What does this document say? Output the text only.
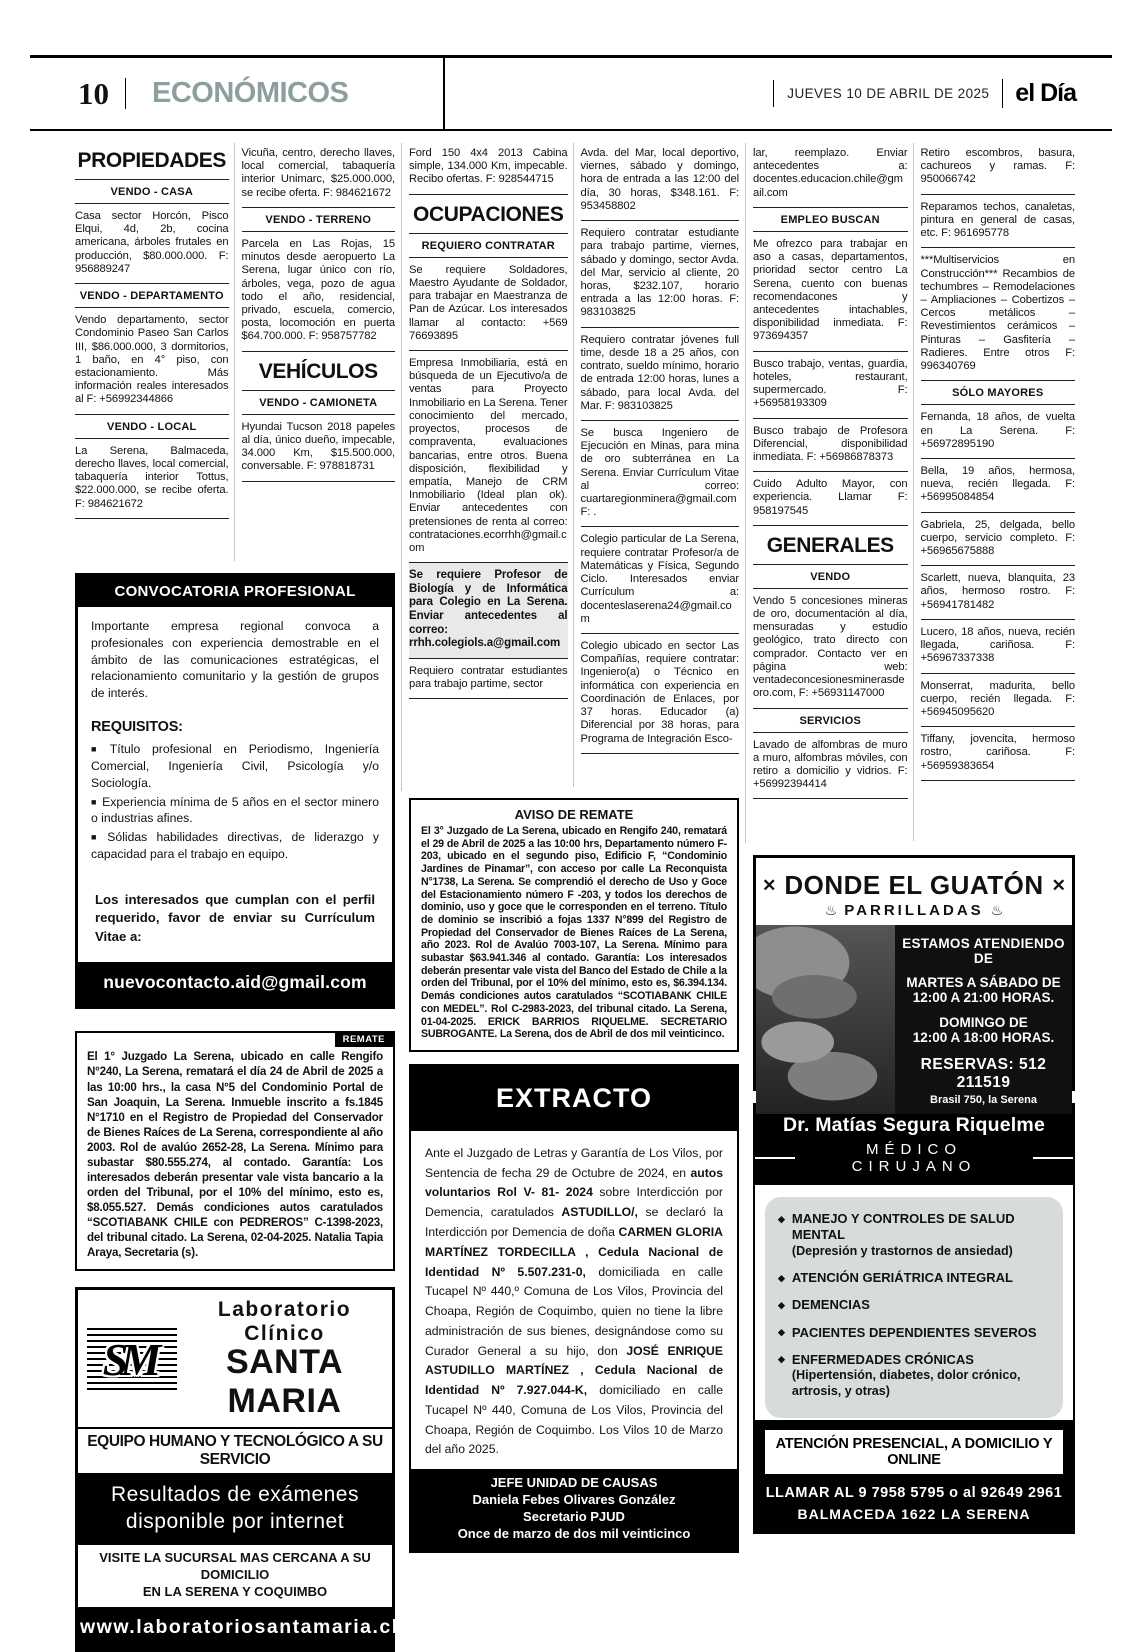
10	ECONÓMICOS	JUEVES 10 DE ABRIL DE 2025	el Día
PROPIEDADES
VENDO - CASA
Casa sector Horcón, Pisco Elqui, 4d, 2b, cocina americana, árboles frutales en producción, $80.000.000. F: 956889247
VENDO - DEPARTAMENTO
Vendo departamento, sector Condominio Paseo San Carlos III, $86.000.000, 3 dormitorios, 1 baño, en 4° piso, con estacionamiento. Más información reales interesados al F: +56992344866
VENDO - LOCAL
La Serena, Balmaceda, derecho llaves, local comercial, tabaquería interior Tottus, $22.000.000, se recibe oferta. F: 984621672
Vicuña, centro, derecho llaves, local comercial, tabaquería interior Unimarc, $25.000.000, se recibe oferta. F: 984621672
VENDO - TERRENO
Parcela en Las Rojas, 15 minutos desde aeropuerto La Serena, lugar único con río, árboles, vega, pozo de agua todo el año, residencial, privado, escuela, comercio, posta, locomoción en puerta $64.700.000. F: 958757782
VEHÍCULOS
VENDO - CAMIONETA
Hyundai Tucson 2018 papeles al día, único dueño, impecable, 34.000 Km, $15.500.000, conversable. F: 978818731
CONVOCATORIA PROFESIONAL
Importante empresa regional convoca a profesionales con experiencia demostrable en el ámbito de las comunicaciones estratégicas, el relacionamiento comunitario y la gestión de grupos de interés.
REQUISITOS:
■ Título profesional en Periodismo, Ingeniería Comercial, Ingeniería Civil, Psicología y/o Sociología.
■ Experiencia mínima de 5 años en el sector minero o industrias afines.
■ Sólidas habilidades directivas, de liderazgo y capacidad para el trabajo en equipo.
Los interesados que cumplan con el perfil requerido, favor de enviar su Currículum Vitae a:
nuevocontacto.aid@gmail.com
REMATE
El 1° Juzgado La Serena, ubicado en calle Rengifo N°240, La Serena, rematará el día 24 de Abril de 2025 a las 10:00 hrs., la casa N°5 del Condominio Portal de San Joaquin, La Serena. Inmueble inscrito a fs.1845 N°1710 en el Registro de Propiedad del Conservador de Bienes Raíces de La Serena, correspondiente al año 2003. Rol de avalúo 2652-28, La Serena. Mínimo para subastar $80.555.274, al contado. Garantía: Los interesados deberán presentar vale vista bancario a la orden del Tribunal, por el 10% del mínimo, esto es, $8.055.527. Demás condiciones autos caratulados “SCOTIABANK CHILE con PEDREROS” C-1398-2023, del tribunal citado. La Serena, 02-04-2025. Natalia Tapia Araya, Secretaria (s).
SM
Laboratorio Clínico
SANTA MARIA
EQUIPO HUMANO Y TECNOLÓGICO A SU SERVICIO
Resultados de exámenes
disponible por internet
VISITE LA SUCURSAL MAS CERCANA A SU DOMICILIO
EN LA SERENA Y COQUIMBO
www.laboratoriosantamaria.cl
Ford 150 4x4 2013 Cabina simple, 134.000 Km, impecable. Recibo ofertas. F: 928544715
OCUPACIONES
REQUIERO CONTRATAR
Se requiere Soldadores, Maestro Ayudante de Soldador, para trabajar en Maestranza de Pan de Azúcar. Los interesados llamar al contacto: +569 76693895
Empresa Inmobiliaria, está en búsqueda de un Ejecutivo/a de ventas para Proyecto Inmobiliario en La Serena. Tener conocimiento del mercado, proyectos, procesos de compraventa, evaluaciones bancarias, entre otros. Buena disposición, flexibilidad y empatía, Manejo de CRM Inmobiliario (Ideal plan ok). Enviar antecedentes con pretensiones de renta al correo: contrataciones.ecorrhh@gmail.com
Se requiere Profesor de Biología y de Informática para Colegio en La Serena. Enviar antecedentes al correo: rrhh.colegiols.a@gmail.com
Requiero contratar estudiantes para trabajo partime, sector
Avda. del Mar, local deportivo, viernes, sábado y domingo, hora de entrada a las 12:00 del día, 30 horas, $348.161. F: 953458802
Requiero contratar estudiante para trabajo partime, viernes, sábado y domingo, sector Avda. del Mar, servicio al cliente, 20 horas, $232.107, horario entrada a las 12:00 horas. F: 983103825
Requiero contratar jóvenes full time, desde 18 a 25 años, con contrato, sueldo mínimo, horario de entrada 12:00 horas, lunes a sábado, para local Avda. del Mar. F: 983103825
Se busca Ingeniero de Ejecución en Minas, para mina de oro subterránea en La Serena. Enviar Currículum Vitae al correo: cuartaregionminera@gmail.com F: .
Colegio particular de La Serena, requiere contratar Profesor/a de Matemáticas y Física, Segundo Ciclo. Interesados enviar Currículum a: docenteslaserena24@gmail.com
Colegio ubicado en sector Las Compañías, requiere contratar: Ingeniero(a) o Técnico en informática con experiencia en Coordinación de Enlaces, por 37 horas. Educador (a) Diferencial por 38 horas, para Programa de Integración Esco-
AVISO DE REMATE
El 3° Juzgado de La Serena, ubicado en Rengifo 240, rematará el 29 de Abril de 2025 a las 10:00 hrs, Departamento número F-203, ubicado en el segundo piso, Edificio F, “Condominio Jardines de Pinamar”, con acceso por calle La Reconquista N°1738, La Serena. Se comprendió el derecho de Uso y Goce del Estacionamiento número F -203, y todos los derechos de dominio, uso y goce que le corresponden en el terreno. Título de dominio se inscribió a fojas 1337 N°899 del Registro de Propiedad del Conservador de Bienes Raíces de La Serena, año 2023. Rol de Avalúo 7003-107, La Serena. Mínimo para subastar $63.941.346 al contado. Garantía: Los interesados deberán presentar vale vista del Banco del Estado de Chile a la orden del Tribunal, por el 10% del mínimo, esto es, $6.394.134. Demás condiciones autos caratulados “SCOTIABANK CHILE con MEDEL”. Rol C-2983-2023, del tribunal citado. La Serena, 01-04-2025. ERICK BARRIOS RIQUELME. SECRETARIO SUBROGANTE. La Serena, dos de Abril de dos mil veinticinco.
EXTRACTO

Ante el Juzgado de Letras y Garantía de Los Vilos, por Sentencia de fecha 29 de Octubre de 2024, en autos voluntarios Rol V- 81- 2024 sobre Interdicción por Demencia, caratulados ASTUDILLO/, se declaró la Interdicción por Demencia de doña CARMEN GLORIA MARTÍNEZ TORDECILLA , Cedula Nacional de Identidad Nº 5.507.231-0, domiciliada en calle Tucapel Nº 440,º Comuna de Los Vilos, Provincia del Choapa, Región de Coquimbo, quien no tiene la libre administración de sus bienes, designándose como su Curador General a su hijo, don JOSÉ ENRIQUE ASTUDILLO MARTÍNEZ , Cedula Nacional de Identidad Nº 7.927.044-K, domiciliado en calle Tucapel Nº 440, Comuna de Los Vilos, Provincia del Choapa, Región de Coquimbo. Los Vilos 10 de Marzo del año 2025.

JEFE UNIDAD DE CAUSAS
Daniela Febes Olivares González
Secretario PJUD
Once de marzo de dos mil veinticinco
lar, reemplazo. Enviar antecedentes a: docentes.educacion.chile@gmail.com
EMPLEO BUSCAN
Me ofrezco para trabajar en aso a casas, departamentos, prioridad sector centro La Serena, cuento con buenas recomendacones y antecedentes intachables, disponibilidad inmediata. F: 973694357
Busco trabajo, ventas, guardia, hoteles, restaurant, supermercado. F: +56958193309
Busco trabajo de Profesora Diferencial, disponibilidad inmediata. F: +56986878373
Cuido Adulto Mayor, con experiencia. Llamar F: 958197545
GENERALES
VENDO
Vendo 5 concesiones mineras de oro, documentación al día, mensuradas y estudio geológico, trato directo con comprador. Contacto ver en página web: ventadeconcesionesminerasdeoro.com, F: +56931147000
SERVICIOS
Lavado de alfombras de muro a muro, alfombras móviles, con retiro a domicilio y vidrios. F: +56992394414
Retiro escombros, basura, cachureos y ramas. F: 950066742
Reparamos techos, canaletas, pintura en general de casas, etc. F: 961695778
***Multiservicios en Construcción*** Recambios de techumbres – Remodelaciones – Ampliaciones – Cobertizos – Cercos metálicos – Revestimientos cerámicos – Pinturas – Gasfitería – Radieres. Entre otros F: 996340769
SÓLO MAYORES
Fernanda, 18 años, de vuelta en La Serena. F: +56972895190
Bella, 19 años, hermosa, nueva, recién llegada. F: +56995084854
Gabriela, 25, delgada, bello cuerpo, servicio completo. F: +56965675888
Scarlett, nueva, blanquita, 23 años, hermoso rostro. F: +56941781482
Lucero, 18 años, nueva, recién llegada, cariñosa. F: +56967337338
Monserrat, madurita, bello cuerpo, recién llegada. F: +56945095620
Tiffany, jovencita, hermoso rostro, cariñosa. F: +56959383654
✕ DONDE EL GUATÓN ✕
♨ PARRILLADAS ♨
ESTAMOS ATENDIENDO DE
MARTES A SÁBADO DE
12:00 A 21:00 HORAS.
DOMINGO DE
12:00 A 18:00 HORAS.
RESERVAS: 512 211519
Brasil 750, la Serena
Dr. Matías Segura Riquelme
MÉDICO CIRUJANO
◆ MANEJO Y CONTROLES DE SALUD MENTAL
(Depresión y trastornos de ansiedad)
◆ ATENCIÓN GERIÁTRICA INTEGRAL
◆ DEMENCIAS
◆ PACIENTES DEPENDIENTES SEVEROS
◆ ENFERMEDADES CRÓNICAS
(Hipertensión, diabetes, dolor crónico, artrosis, y otras)
ATENCIÓN PRESENCIAL, A DOMICILIO Y ONLINE
LLAMAR AL 9 7958 5795 o al 92649 2961
BALMACEDA 1622 LA SERENA
